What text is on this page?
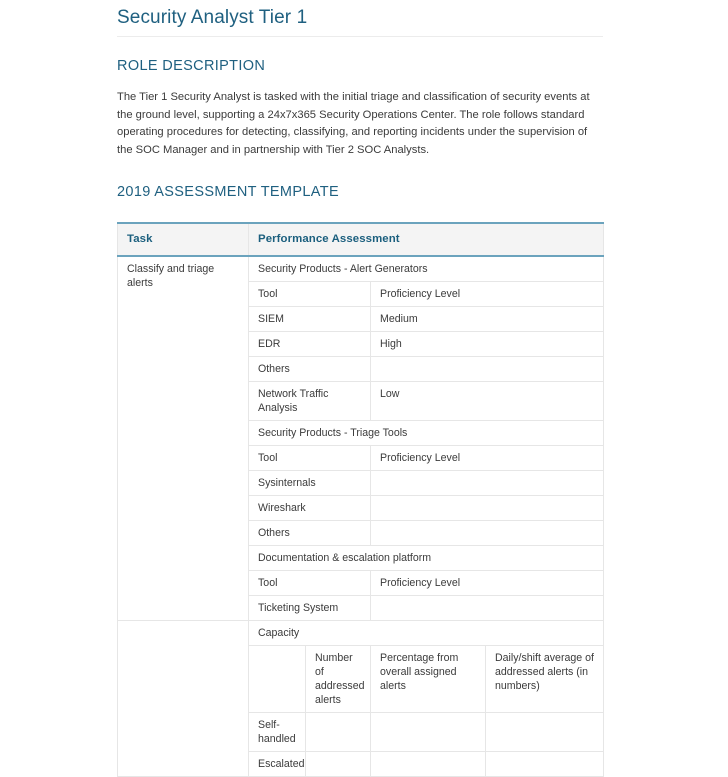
Security Analyst Tier 1
ROLE DESCRIPTION

The Tier 1 Security Analyst is tasked with the initial triage and classification of security events at the ground level, supporting a 24x7x365 Security Operations Center. The role follows standard operating procedures for detecting, classifying, and reporting incidents under the supervision of the SOC Manager and in partnership with Tier 2 SOC Analysts.

2019 ASSESSMENT TEMPLATE
Task	Performance Assessment			
Classify and triage alerts	Security Products - Alert Generators			
	Tool		Proficiency Level	
	SIEM		Medium	
	EDR		High	
	Others			
	Network Traffic Analysis		Low	
	Security Products - Triage Tools			
	Tool		Proficiency Level	
	Sysinternals			
	Wireshark			
	Others			
	Documentation & escalation platform			
	Tool		Proficiency Level	
	Ticketing System			
	Capacity			
		Number of addressed alerts	Percentage from overall assigned alerts	Daily/shift average of addressed alerts (in numbers)
	Self-handled			
	Escalated			
